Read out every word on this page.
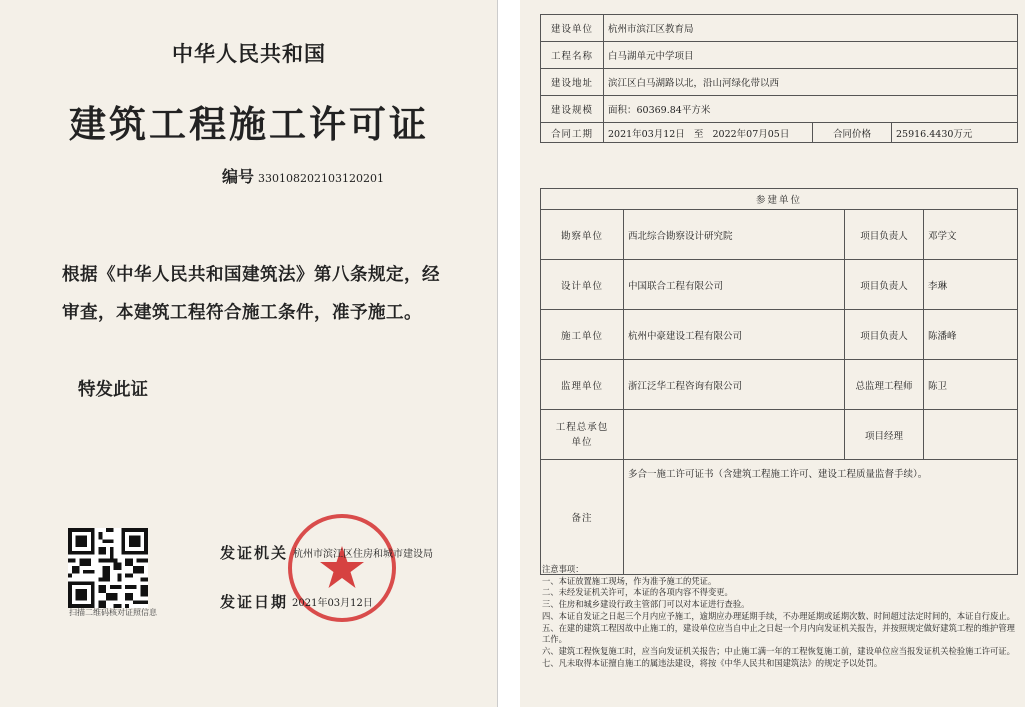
中华人民共和国
建筑工程施工许可证
编号 330108202103120201
根据《中华人民共和国建筑法》第八条规定，经审查，本建筑工程符合施工条件，准予施工。
特发此证
扫描二维码核对证照信息
发证机关 杭州市滨江区住房和城市建设局
发证日期 2021年03月12日
建设单位	杭州市滨江区教育局		
工程名称	白马湖单元中学项目		
建设地址	滨江区白马湖路以北，沿山河绿化带以西		
建设规模	面积：60369.84平方米		
合同工期	2021年03月12日 至 2022年07月05日	合同价格	25916.4430万元
参建单位			
勘察单位	西北综合勘察设计研究院	项目负责人	邓学文
设计单位	中国联合工程有限公司	项目负责人	李琳
施工单位	杭州中豪建设工程有限公司	项目负责人	陈潘峰
监理单位	浙江泛华工程咨询有限公司	总监理工程师	陈卫
工程总承包单位		项目经理	
备注	多合一施工许可证书（含建筑工程施工许可、建设工程质量监督手续）。		
注意事项：
一、本证放置施工现场，作为准予施工的凭证。
二、未经发证机关许可，本证的各项内容不得变更。
三、住房和城乡建设行政主管部门可以对本证进行查验。
四、本证自发证之日起三个月内应予施工，逾期应办理延期手续，不办理延期或延期次数、时间超过法定时间的，本证自行废止。
五、在建的建筑工程因故中止施工的，建设单位应当自中止之日起一个月内向发证机关报告，并按照规定做好建筑工程的维护管理工作。
六、建筑工程恢复施工时，应当向发证机关报告；中止施工满一年的工程恢复施工前，建设单位应当报发证机关检验施工许可证。
七、凡未取得本证擅自施工的属违法建设，将按《中华人民共和国建筑法》的规定予以处罚。
